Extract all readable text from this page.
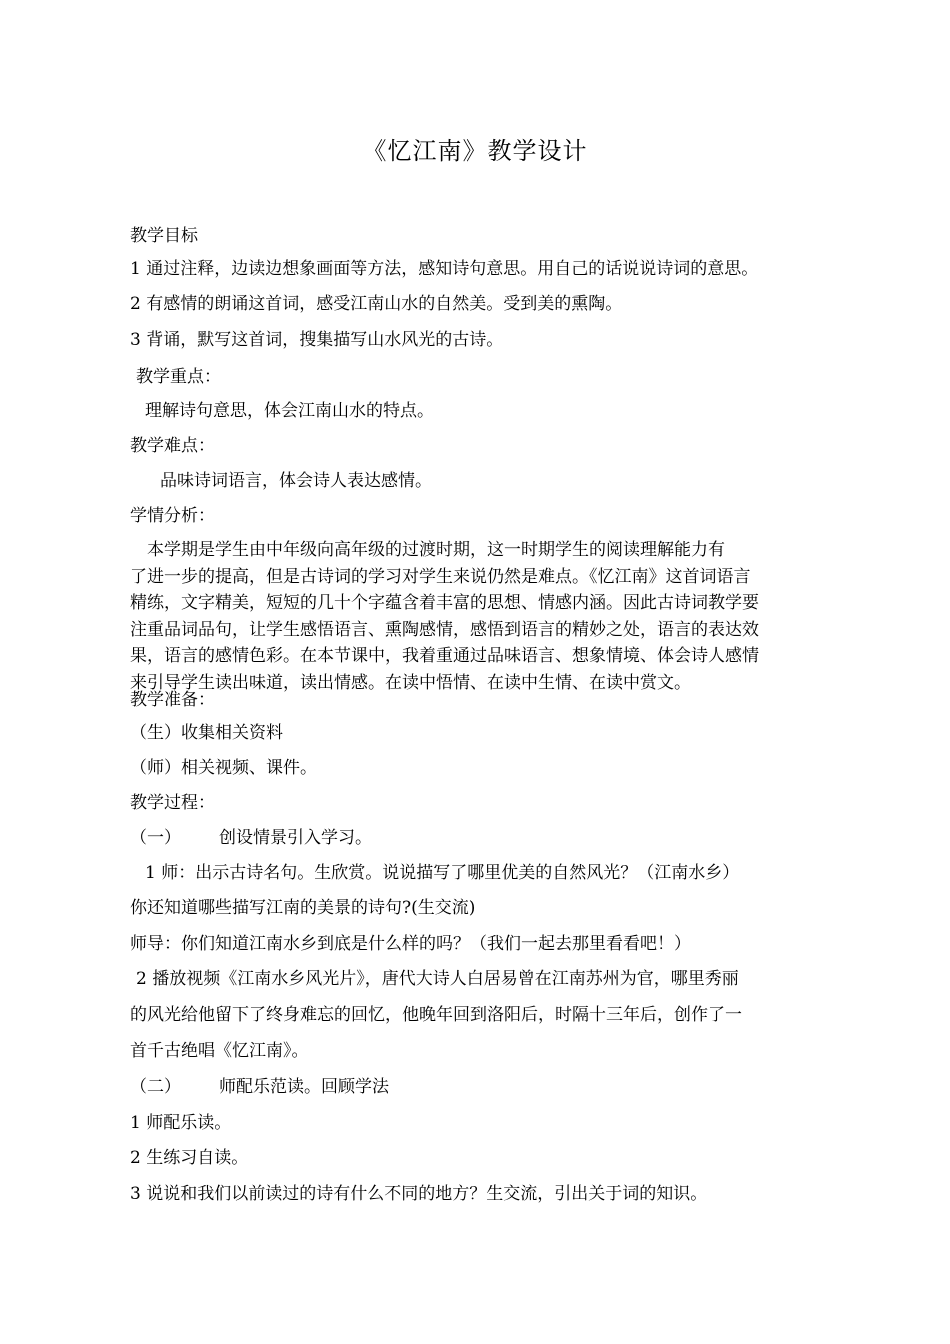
《忆江南》教学设计
教学目标
1 通过注释，边读边想象画面等方法，感知诗句意思。用自己的话说说诗词的意思。
2 有感情的朗诵这首词，感受江南山水的自然美。受到美的熏陶。
3 背诵，默写这首词，搜集描写山水风光的古诗。
教学重点：
理解诗句意思，体会江南山水的特点。
教学难点：
品味诗词语言，体会诗人表达感情。
学情分析：

本学期是学生由中年级向高年级的过渡时期，这一时期学生的阅读理解能力有

了进一步的提高，但是古诗词的学习对学生来说仍然是难点。《忆江南》这首词语言

精练，文字精美，短短的几十个字蕴含着丰富的思想、情感内涵。因此古诗词教学要

注重品词品句，让学生感悟语言、熏陶感情，感悟到语言的精妙之处，语言的表达效

果，语言的感情色彩。在本节课中，我着重通过品味语言、想象情境、体会诗人感情

来引导学生读出味道，读出情感。在读中悟情、在读中生情、在读中赏文。

教学准备：
（生）收集相关资料
（师）相关视频、课件。
教学过程：
（一） 创设情景引入学习。
1 师：出示古诗名句。生欣赏。说说描写了哪里优美的自然风光？（江南水乡）
你还知道哪些描写江南的美景的诗句?(生交流)
师导：你们知道江南水乡到底是什么样的吗？（我们一起去那里看看吧！）
2 播放视频《江南水乡风光片》，唐代大诗人白居易曾在江南苏州为官，哪里秀丽
的风光给他留下了终身难忘的回忆，他晚年回到洛阳后，时隔十三年后，创作了一
首千古绝唱《忆江南》。
（二） 师配乐范读。回顾学法
1 师配乐读。
2 生练习自读。
3 说说和我们以前读过的诗有什么不同的地方？生交流，引出关于词的知识。
